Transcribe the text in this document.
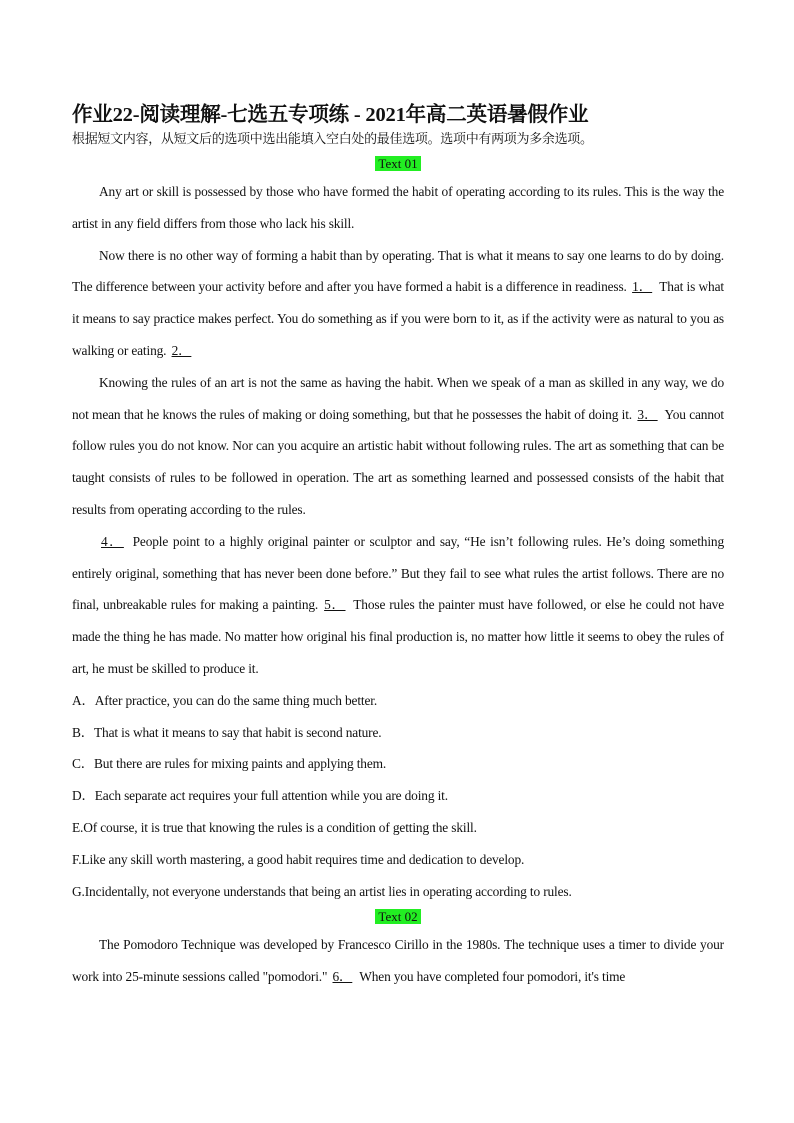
作业22-阅读理解-七选五专项练 - 2021年高二英语暑假作业

根据短文内容，从短文后的选项中选出能填入空白处的最佳选项。选项中有两项为多余选项。

Text 01

Any art or skill is possessed by those who have formed the habit of operating according to its rules. This is the way the artist in any field differs from those who lack his skill.

Now there is no other way of forming a habit than by operating. That is what it means to say one learns to do by doing. The difference between your activity before and after you have formed a habit is a difference in readiness. 1． That is what it means to say practice makes perfect. You do something as if you were born to it, as if the activity were as natural to you as walking or eating. 2．

Knowing the rules of an art is not the same as having the habit. When we speak of a man as skilled in any way, we do not mean that he knows the rules of making or doing something, but that he possesses the habit of doing it. 3． You cannot follow rules you do not know. Nor can you acquire an artistic habit without following rules. The art as something that can be taught consists of rules to be followed in operation. The art as something learned and possessed consists of the habit that results from operating according to the rules.

4． People point to a highly original painter or sculptor and say, “He isn’t following rules. He’s doing something entirely original, something that has never been done before.” But they fail to see what rules the artist follows. There are no final, unbreakable rules for making a painting. 5． Those rules the painter must have followed, or else he could not have made the thing he has made. No matter how original his final production is, no matter how little it seems to obey the rules of art, he must be skilled to produce it.

A．After practice, you can do the same thing much better.

B．That is what it means to say that habit is second nature.

C．But there are rules for mixing paints and applying them.

D．Each separate act requires your full attention while you are doing it.

E.Of course, it is true that knowing the rules is a condition of getting the skill.

F.Like any skill worth mastering, a good habit requires time and dedication to develop.

G.Incidentally, not everyone understands that being an artist lies in operating according to rules.

Text 02

The Pomodoro Technique was developed by Francesco Cirillo in the 1980s. The technique uses a timer to divide your work into 25-minute sessions called "pomodori." 6． When you have completed four pomodori, it's time
